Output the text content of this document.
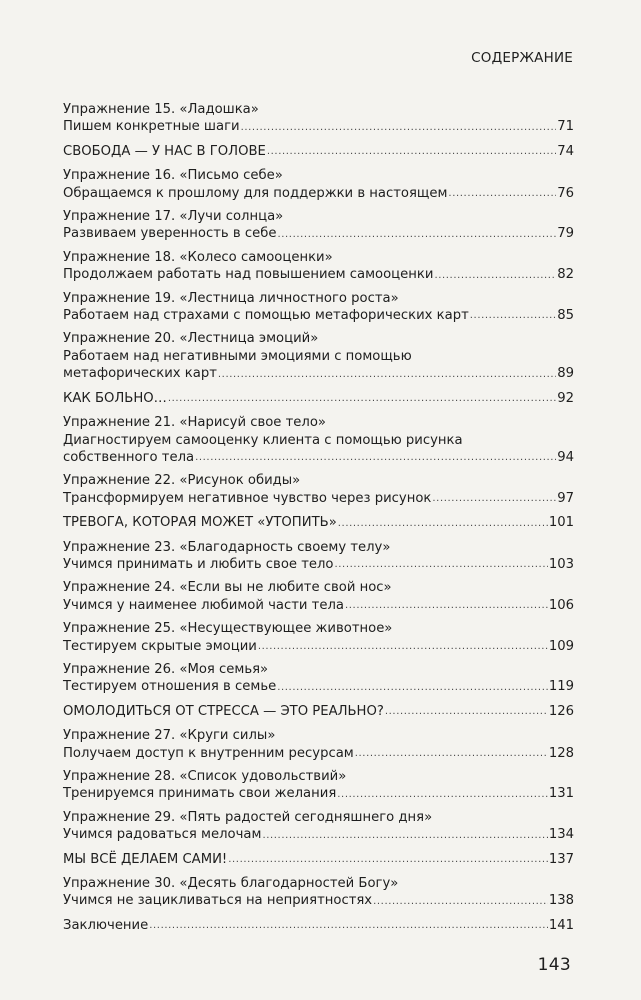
СОДЕРЖАНИЕ
Упражнение 15. «Ладошка»
Пишем конкретные шаги .....	71
СВОБОДА — У НАС В ГОЛОВЕ .....	74
Упражнение 16. «Письмо себе»
Обращаемся к прошлому для поддержки в настоящем .....	76
Упражнение 17. «Лучи солнца»
Развиваем уверенность в себе .....	79
Упражнение 18. «Колесо самооценки»
Продолжаем работать над повышением самооценки .....	82
Упражнение 19. «Лестница личностного роста»
Работаем над страхами с помощью метафорических карт .....	85
Упражнение 20. «Лестница эмоций»
Работаем над негативными эмоциями с помощью
метафорических карт .....	89
КАК БОЛЬНО… .....	92
Упражнение 21. «Нарисуй свое тело»
Диагностируем самооценку клиента с помощью рисунка
собственного тела .....	94
Упражнение 22. «Рисунок обиды»
Трансформируем негативное чувство через рисунок .....	97
ТРЕВОГА, КОТОРАЯ МОЖЕТ «УТОПИТЬ» .....	101
Упражнение 23. «Благодарность своему телу»
Учимся принимать и любить свое тело .....	103
Упражнение 24. «Если вы не любите свой нос»
Учимся у наименее любимой части тела .....	106
Упражнение 25. «Несуществующее животное»
Тестируем скрытые эмоции .....	109
Упражнение 26. «Моя семья»
Тестируем отношения в семье .....	119
ОМОЛОДИТЬСЯ ОТ СТРЕССА — ЭТО РЕАЛЬНО? .....	126
Упражнение 27. «Круги силы»
Получаем доступ к внутренним ресурсам .....	128
Упражнение 28. «Список удовольствий»
Тренируемся принимать свои желания .....	131
Упражнение 29. «Пять радостей сегодняшнего дня»
Учимся радоваться мелочам .....	134
МЫ ВСЁ ДЕЛАЕМ САМИ! .....	137
Упражнение 30. «Десять благодарностей Богу»
Учимся не зацикливаться на неприятностях .....	138
Заключение .....	141
143
